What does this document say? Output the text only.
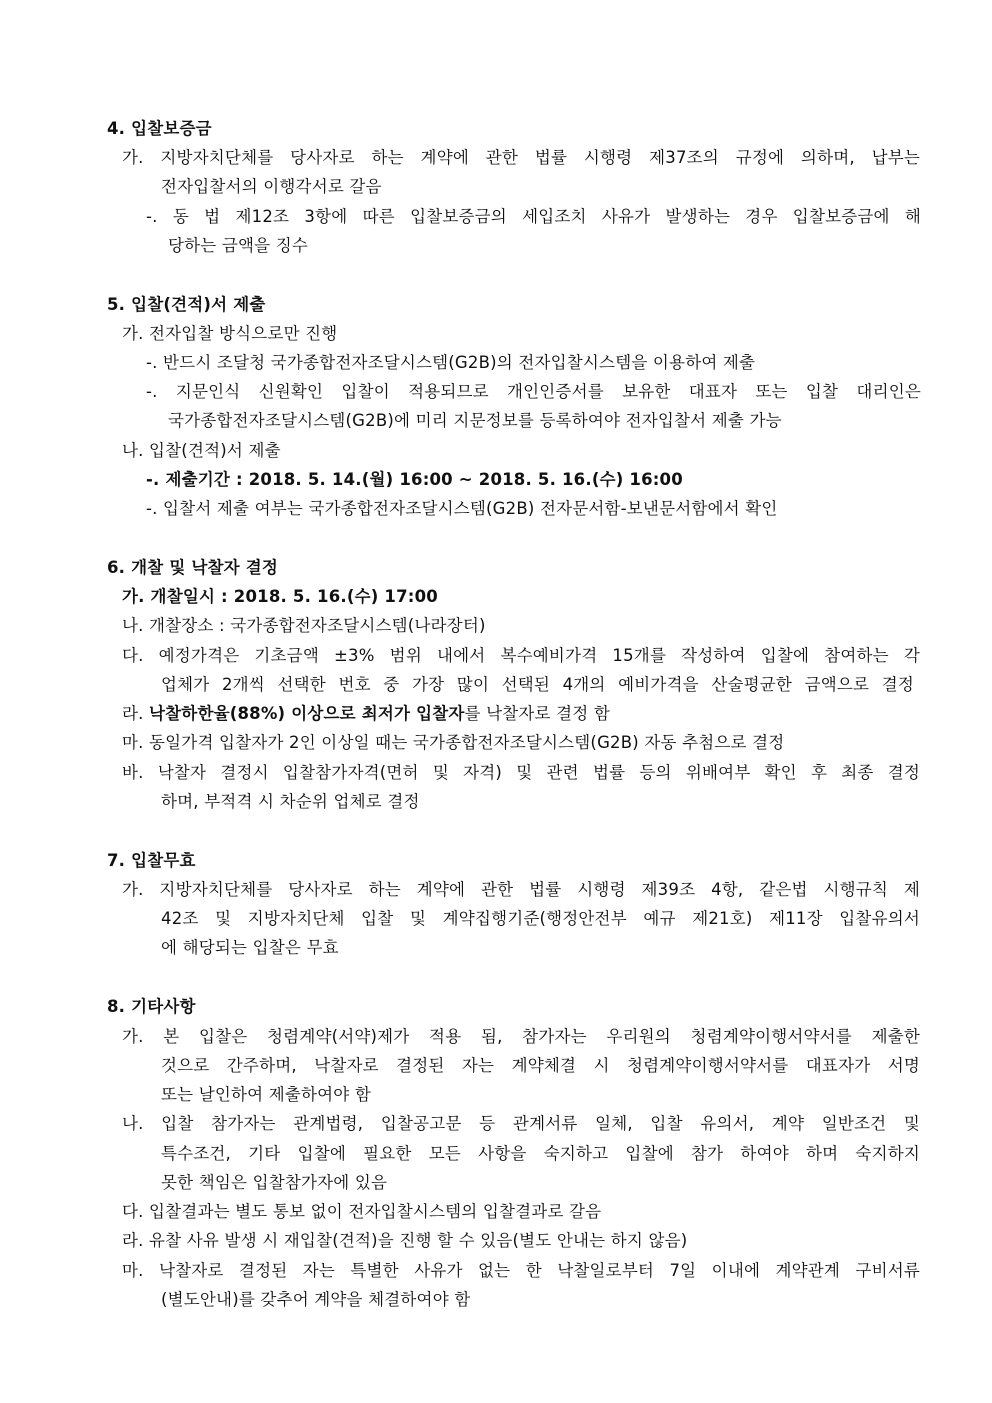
4. 입찰보증금
가. 지방자치단체를 당사자로 하는 계약에 관한 법률 시행령 제37조의 규정에 의하며, 납부는
전자입찰서의 이행각서로 갈음
-. 동 법 제12조 3항에 따른 입찰보증금의 세입조치 사유가 발생하는 경우 입찰보증금에 해
당하는 금액을 징수
5. 입찰(견적)서 제출
가. 전자입찰 방식으로만 진행
-. 반드시 조달청 국가종합전자조달시스템(G2B)의 전자입찰시스템을 이용하여 제출
-. 지문인식 신원확인 입찰이 적용되므로 개인인증서를 보유한 대표자 또는 입찰 대리인은
국가종합전자조달시스템(G2B)에 미리 지문정보를 등록하여야 전자입찰서 제출 가능
나. 입찰(견적)서 제출
-. 제출기간 : 2018. 5. 14.(월) 16:00 ~ 2018. 5. 16.(수) 16:00
-. 입찰서 제출 여부는 국가종합전자조달시스템(G2B) 전자문서함-보낸문서함에서 확인
6. 개찰 및 낙찰자 결정
가. 개찰일시 : 2018. 5. 16.(수) 17:00
나. 개찰장소 : 국가종합전자조달시스템(나라장터)
다. 예정가격은 기초금액 ±3% 범위 내에서 복수예비가격 15개를 작성하여 입찰에 참여하는 각
업체가 2개씩 선택한 번호 중 가장 많이 선택된 4개의 예비가격을 산술평균한 금액으로 결정
라. 낙찰하한율(88%) 이상으로 최저가 입찰자를 낙찰자로 결정 함
마. 동일가격 입찰자가 2인 이상일 때는 국가종합전자조달시스템(G2B) 자동 추첨으로 결정
바. 낙찰자 결정시 입찰참가자격(면허 및 자격) 및 관련 법률 등의 위배여부 확인 후 최종 결정
하며, 부적격 시 차순위 업체로 결정
7. 입찰무효
가. 지방자치단체를 당사자로 하는 계약에 관한 법률 시행령 제39조 4항, 같은법 시행규칙 제
42조 및 지방자치단체 입찰 및 계약집행기준(행정안전부 예규 제21호) 제11장 입찰유의서
에 해당되는 입찰은 무효
8. 기타사항
가. 본 입찰은 청렴계약(서약)제가 적용 됨, 참가자는 우리원의 청렴계약이행서약서를 제출한
것으로 간주하며, 낙찰자로 결정된 자는 계약체결 시 청렴계약이행서약서를 대표자가 서명
또는 날인하여 제출하여야 함
나. 입찰 참가자는 관계법령, 입찰공고문 등 관계서류 일체, 입찰 유의서, 계약 일반조건 및
특수조건, 기타 입찰에 필요한 모든 사항을 숙지하고 입찰에 참가 하여야 하며 숙지하지
못한 책임은 입찰참가자에 있음
다. 입찰결과는 별도 통보 없이 전자입찰시스템의 입찰결과로 갈음
라. 유찰 사유 발생 시 재입찰(견적)을 진행 할 수 있음(별도 안내는 하지 않음)
마. 낙찰자로 결정된 자는 특별한 사유가 없는 한 낙찰일로부터 7일 이내에 계약관계 구비서류
(별도안내)를 갖추어 계약을 체결하여야 함
